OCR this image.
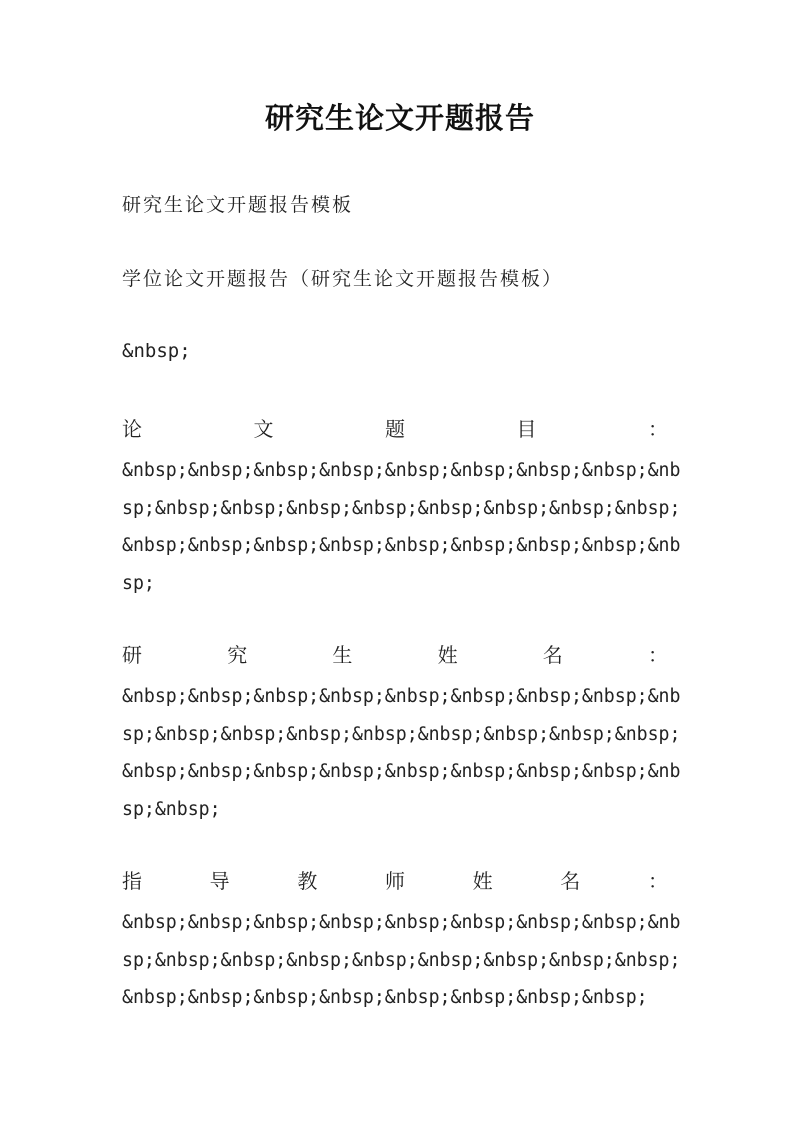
研究生论文开题报告
研究生论文开题报告模板
学位论文开题报告（研究生论文开题报告模板）
&nbsp;
论	文	题	目	：
&nbsp;&nbsp;&nbsp;&nbsp;&nbsp;&nbsp;&nbsp;&nbsp;&nb
sp;&nbsp;&nbsp;&nbsp;&nbsp;&nbsp;&nbsp;&nbsp;&nbsp;
&nbsp;&nbsp;&nbsp;&nbsp;&nbsp;&nbsp;&nbsp;&nbsp;&nb
sp;
研	究	生	姓	名	：
&nbsp;&nbsp;&nbsp;&nbsp;&nbsp;&nbsp;&nbsp;&nbsp;&nb
sp;&nbsp;&nbsp;&nbsp;&nbsp;&nbsp;&nbsp;&nbsp;&nbsp;
&nbsp;&nbsp;&nbsp;&nbsp;&nbsp;&nbsp;&nbsp;&nbsp;&nb
sp;&nbsp;
指	导	教	师	姓	名	：
&nbsp;&nbsp;&nbsp;&nbsp;&nbsp;&nbsp;&nbsp;&nbsp;&nb
sp;&nbsp;&nbsp;&nbsp;&nbsp;&nbsp;&nbsp;&nbsp;&nbsp;
&nbsp;&nbsp;&nbsp;&nbsp;&nbsp;&nbsp;&nbsp;&nbsp;
